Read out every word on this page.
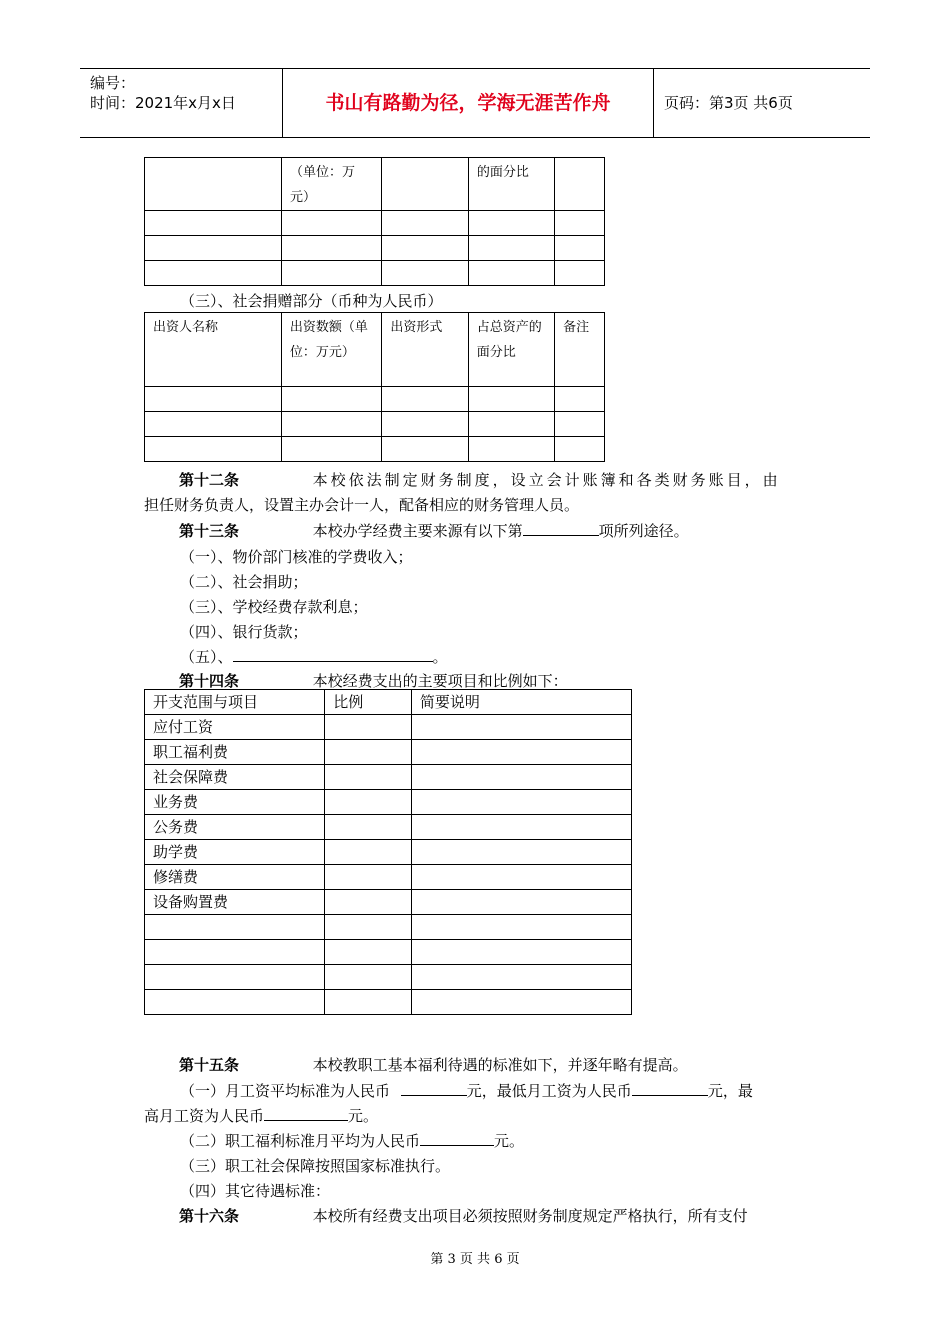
编号：
时间：2021年x月x日	书山有路勤为径，学海无涯苦作舟	页码：第3页 共6页

	（单位：万元）		的面分比	

（三）、社会捐赠部分（币种为人民币）
出资人名称	出资数额（单位：万元）	出资形式	占总资产的面分比	备注

第十二条	本校依法制定财务制度，设立会计账簿和各类财务账目，由
担任财务负责人，设置主办会计一人，配备相应的财务管理人员。
第十三条	本校办学经费主要来源有以下第	项所列途径。
（一）、物价部门核准的学费收入；
（二）、社会捐助；
（三）、学校经费存款利息；
（四）、银行货款；
（五）、	。
第十四条	本校经费支出的主要项目和比例如下：
开支范围与项目	比例	简要说明
应付工资		
职工福利费		
社会保障费		
业务费		
公务费		
助学费		
修缮费		
设备购置费		

第十五条	本校教职工基本福利待遇的标准如下，并逐年略有提高。
（一）月工资平均标准为人民币	元，最低月工资为人民币	元，最
高月工资为人民币	元。
（二）职工福利标准月平均为人民币	元。
（三）职工社会保障按照国家标准执行。
（四）其它待遇标准：
第十六条	本校所有经费支出项目必须按照财务制度规定严格执行，所有支付
第 3 页 共 6 页
